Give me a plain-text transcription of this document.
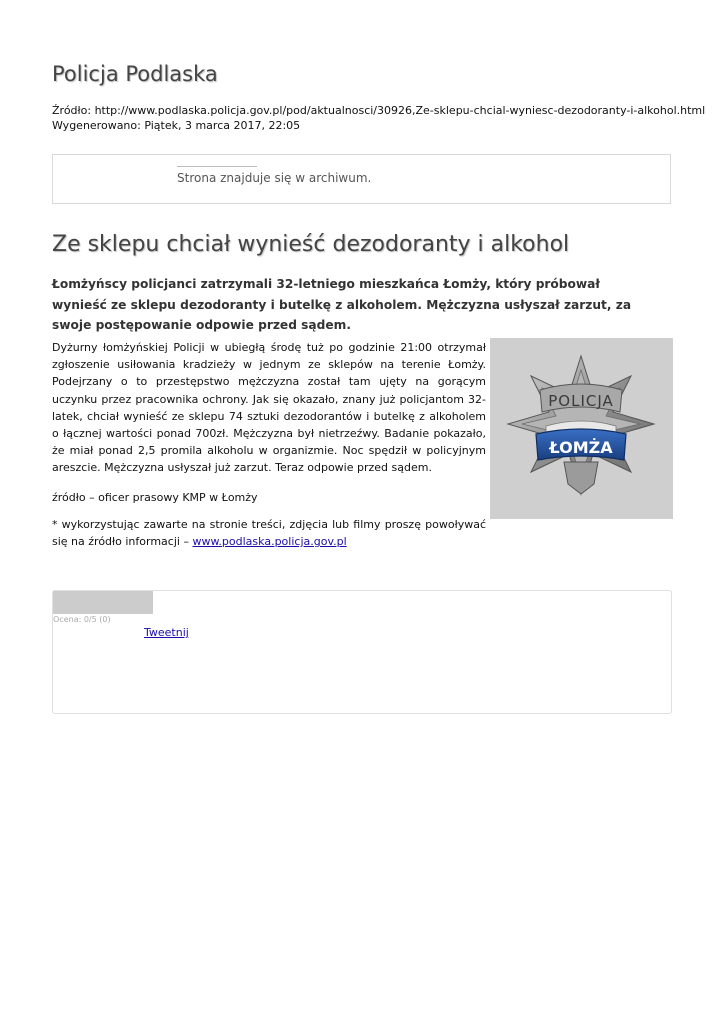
Policja Podlaska
Źródło: http://www.podlaska.policja.gov.pl/pod/aktualnosci/30926,Ze-sklepu-chcial-wyniesc-dezodoranty-i-alkohol.html
Wygenerowano: Piątek, 3 marca 2017, 22:05
Strona znajduje się w archiwum.
Ze sklepu chciał wynieść dezodoranty i alkohol
Łomżyńscy policjanci zatrzymali 32-letniego mieszkańca Łomży, który próbował wynieść ze sklepu dezodoranty i butelkę z alkoholem. Mężczyzna usłyszał zarzut, za swoje postępowanie odpowie przed sądem.

Dyżurny łomżyńskiej Policji w ubiegłą środę tuż po godzinie 21:00 otrzymał zgłoszenie usiłowania kradzieży w jednym ze sklepów na terenie Łomży. Podejrzany o to przestępstwo mężczyzna został tam ujęty na gorącym uczynku przez pracownika ochrony. Jak się okazało, znany już policjantom 32-latek, chciał wynieść ze sklepu 74 sztuki dezodorantów i butelkę z alkoholem o łącznej wartości ponad 700zł. Mężczyzna był nietrzeźwy. Badanie pokazało, że miał ponad 2,5 promila alkoholu w organizmie. Noc spędził w policyjnym areszcie. Mężczyzna usłyszał już zarzut. Teraz odpowie przed sądem.

źródło – oficer prasowy KMP w Łomży

* wykorzystując zawarte na stronie treści, zdjęcia lub filmy proszę powoływać się na źródło informacji – www.podlaska.policja.gov.pl

POLICJA
ŁOMŻA
Ocena: 0/5 (0)
Tweetnij
